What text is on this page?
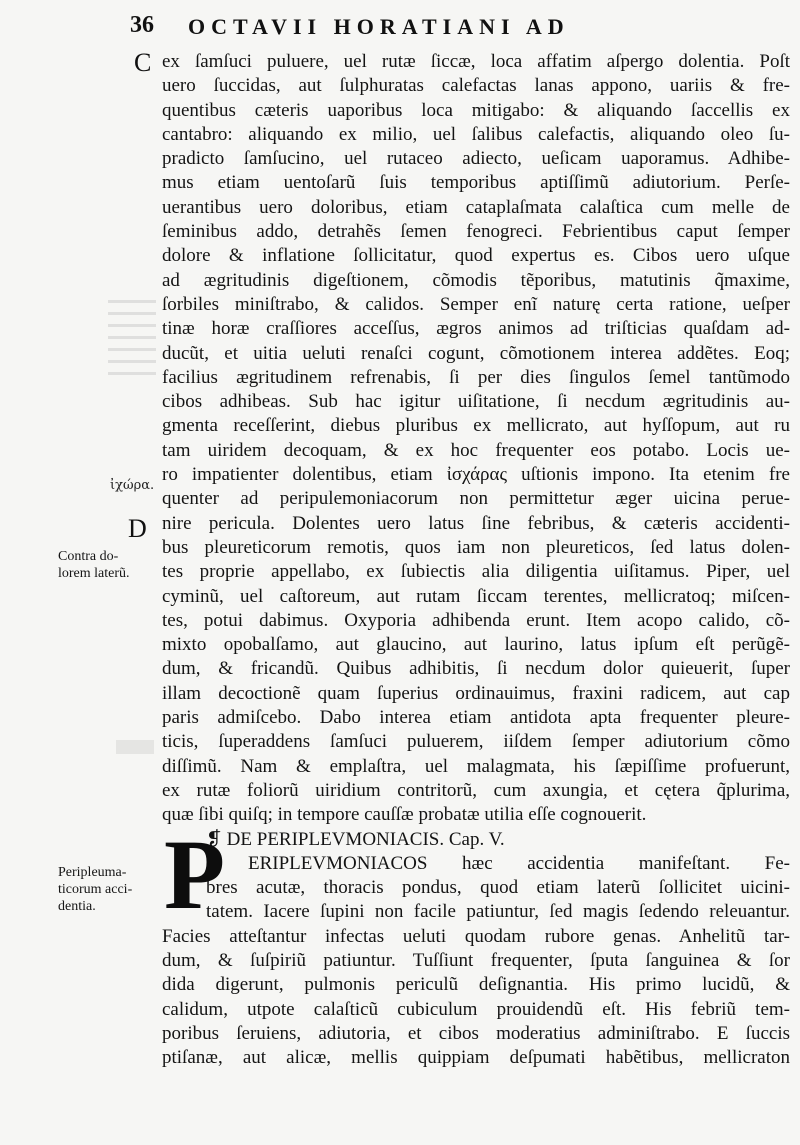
36 OCTAVII HORATIANI AD
C
D
ἰχώρα.
Contra do-
lorem laterũ.
Peripleuma-
ticorum acci-
dentia.
ex ſamſuci puluere, uel rutæ ſiccæ, loca affatim aſpergo dolentia. Poſt
uero ſuccidas, aut ſulphuratas calefactas lanas appono, uariis & fre-
quentibus cæteris uaporibus loca mitigabo: & aliquando ſaccellis ex
cantabro: aliquando ex milio, uel ſalibus calefactis, aliquando oleo ſu-
pradicto ſamſucino, uel rutaceo adiecto, ueſicam uaporamus. Adhibe-
mus etiam uentoſarũ ſuis temporibus aptiſſimũ adiutorium. Perſe-
uerantibus uero doloribus, etiam cataplaſmata calaſtica cum melle de
ſeminibus addo, detrahẽs ſemen fenogreci. Febrientibus caput ſemper
dolore & inflatione ſollicitatur, quod expertus es. Cibos uero uſque
ad ægritudinis digeſtionem, cõmodis tẽporibus, matutinis q̃maxime,
ſorbiles miniſtrabo, & calidos. Semper enĩ naturę certa ratione, ueſper
tinæ horæ craſſiores acceſſus, ægros animos ad triſticias quaſdam ad-
ducũt, et uitia ueluti renaſci cogunt, cõmotionem interea addẽtes. Eoq;
facilius ægritudinem refrenabis, ſi per dies ſingulos ſemel tantũmodo
cibos adhibeas. Sub hac igitur uiſitatione, ſi necdum ægritudinis au-
gmenta receſſerint, diebus pluribus ex mellicrato, aut hyſſopum, aut ru
tam uiridem decoquam, & ex hoc frequenter eos potabo. Locis ue-
ro impatienter dolentibus, etiam ἰσχάρας uſtionis impono. Ita etenim fre
quenter ad peripulemoniacorum non permittetur æger uicina perue-
nire pericula. Dolentes uero latus ſine febribus, & cæteris accidenti-
bus pleureticorum remotis, quos iam non pleureticos, ſed latus dolen-
tes proprie appellabo, ex ſubiectis alia diligentia uiſitamus. Piper, uel
cyminũ, uel caſtoreum, aut rutam ſiccam terentes, mellicratoq; miſcen-
tes, potui dabimus. Oxyporia adhibenda erunt. Item acopo calido, cõ-
mixto opobalſamo, aut glaucino, aut laurino, latus ipſum eſt perũgẽ-
dum, & fricandũ. Quibus adhibitis, ſi necdum dolor quieuerit, ſuper
illam decoctionẽ quam ſuperius ordinauimus, fraxini radicem, aut cap
paris admiſcebo. Dabo interea etiam antidota apta frequenter pleure-
ticis, ſuperaddens ſamſuci puluerem, iiſdem ſemper adiutorium cõmo
diſſimũ. Nam & emplaſtra, uel malagmata, his ſæpiſſime profuerunt,
ex rutæ foliorũ uiridium contritorũ, cum axungia, et cętera q̃plurima,
quæ ſibi quiſq; in tempore cauſſæ probatæ utilia eſſe cognouerit.
❡ DE PERIPLEVMONIACIS. Cap. V.
ERIPLEVMONIACOS hæc accidentia manifeſtant. Fe-
bres acutæ, thoracis pondus, quod etiam laterũ ſollicitet uicini-
tatem. Iacere ſupini non facile patiuntur, ſed magis ſedendo releuantur.
Facies atteſtantur infectas ueluti quodam rubore genas. Anhelitũ tar-
dum, & ſuſpiriũ patiuntur. Tuſſiunt frequenter, ſputa ſanguinea & ſor
dida digerunt, pulmonis periculũ deſignantia. His primo lucidũ, &
calidum, utpote calaſticũ cubiculum prouidendũ eſt. His febriũ tem-
poribus ſeruiens, adiutoria, et cibos moderatius adminiſtrabo. E ſuccis
ptiſanæ, aut alicæ, mellis quippiam deſpumati habẽtibus, mellicraton
P
